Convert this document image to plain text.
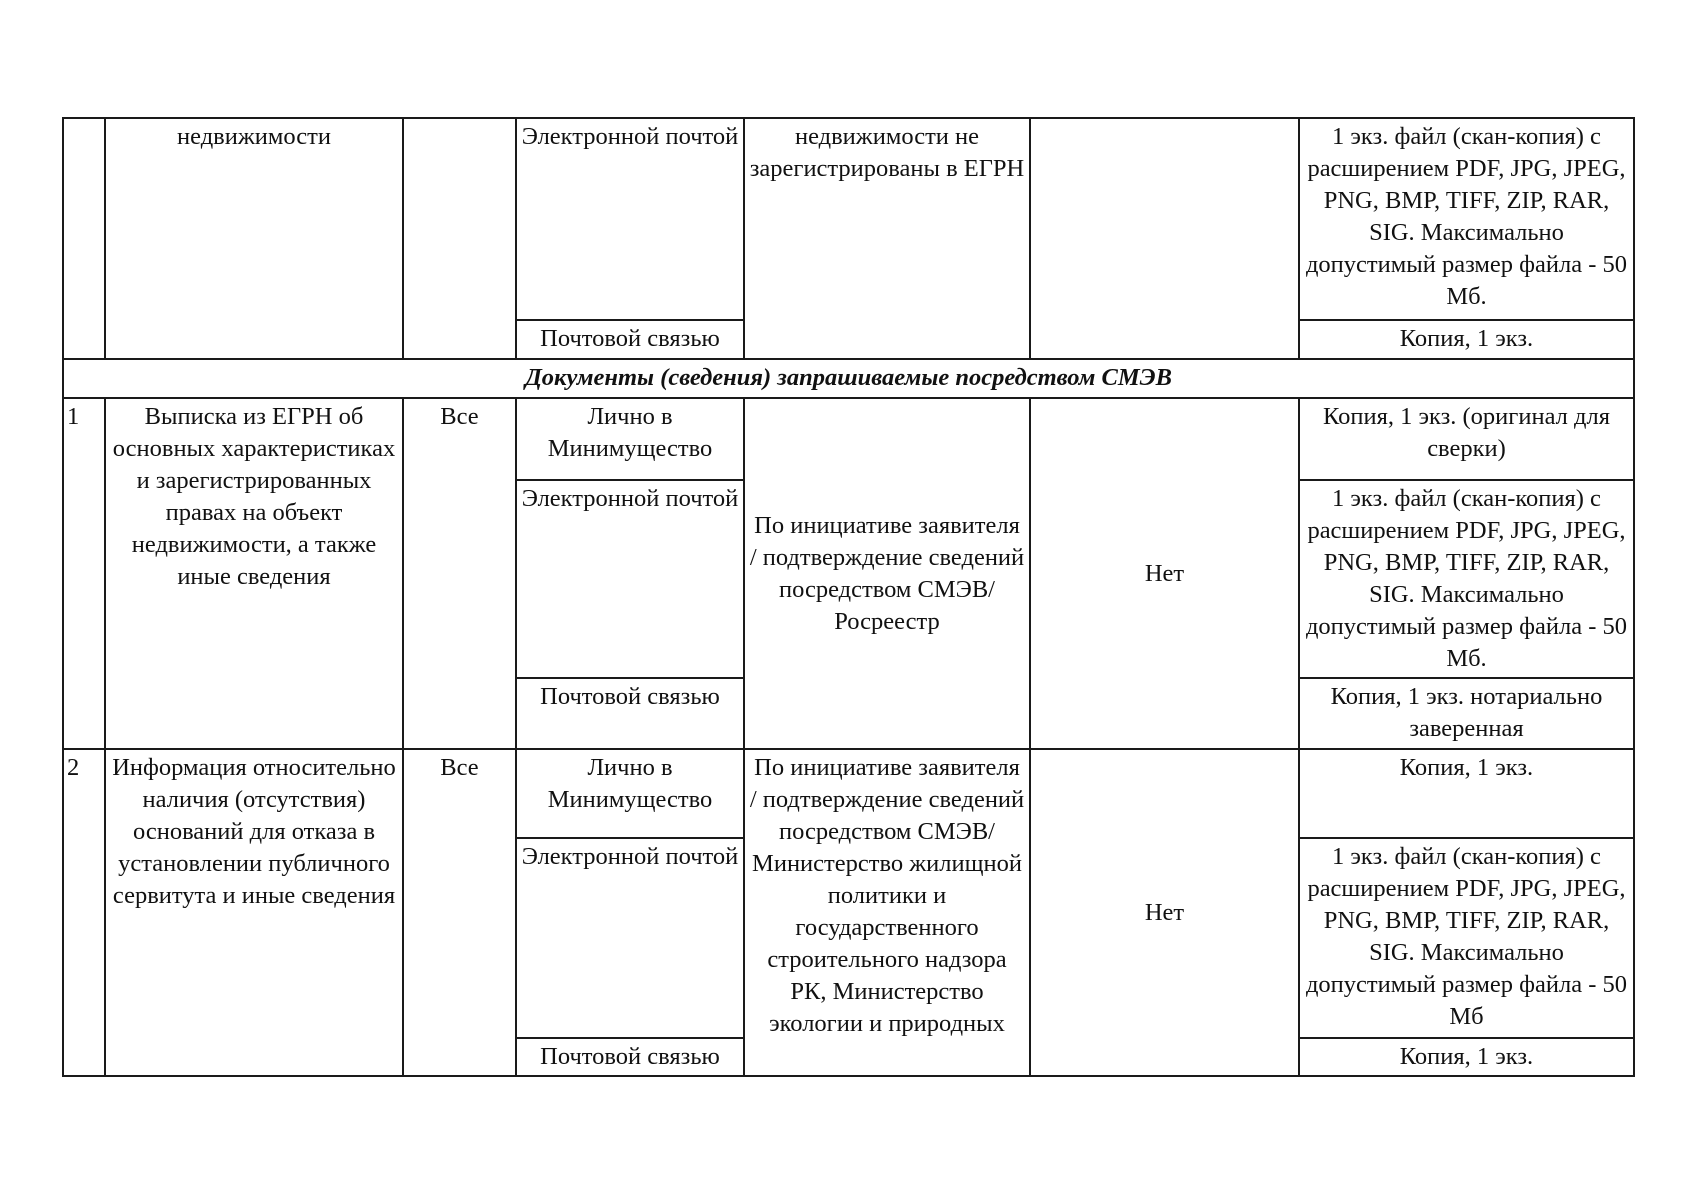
	недвижимости		Электронной почтой	недвижимости не зарегистрированы в ЕГРН		1 экз. файл (скан-копия) с расширением PDF, JPG, JPEG, PNG, BMP, TIFF, ZIP, RAR, SIG. Максимально допустимый размер файла - 50 Мб.
			Почтовой связью			Копия, 1 экз.
Документы (сведения) запрашиваемые посредством СМЭВ						
1	Выписка из ЕГРН об основных характеристиках и зарегистрированных правах на объект недвижимости, а также иные сведения	Все	Лично в Минимущество	По инициативе заявителя / подтверждение сведений посредством СМЭВ/ Росреестр	Нет	Копия, 1 экз. (оригинал для сверки)
			Электронной почтой			1 экз. файл (скан-копия) с расширением PDF, JPG, JPEG, PNG, BMP, TIFF, ZIP, RAR, SIG. Максимально допустимый размер файла - 50 Мб.
			Почтовой связью			Копия, 1 экз. нотариально заверенная
2	Информация относительно наличия (отсутствия) оснований для отказа в установлении публичного сервитута и иные сведения	Все	Лично в Минимущество	По инициативе заявителя / подтверждение сведений посредством СМЭВ/ Министерство жилищной политики и государственного строительного надзора РК, Министерство экологии и природных	Нет	Копия, 1 экз.
			Электронной почтой			1 экз. файл (скан-копия) с расширением PDF, JPG, JPEG, PNG, BMP, TIFF, ZIP, RAR, SIG. Максимально допустимый размер файла - 50 Мб
			Почтовой связью			Копия, 1 экз.
